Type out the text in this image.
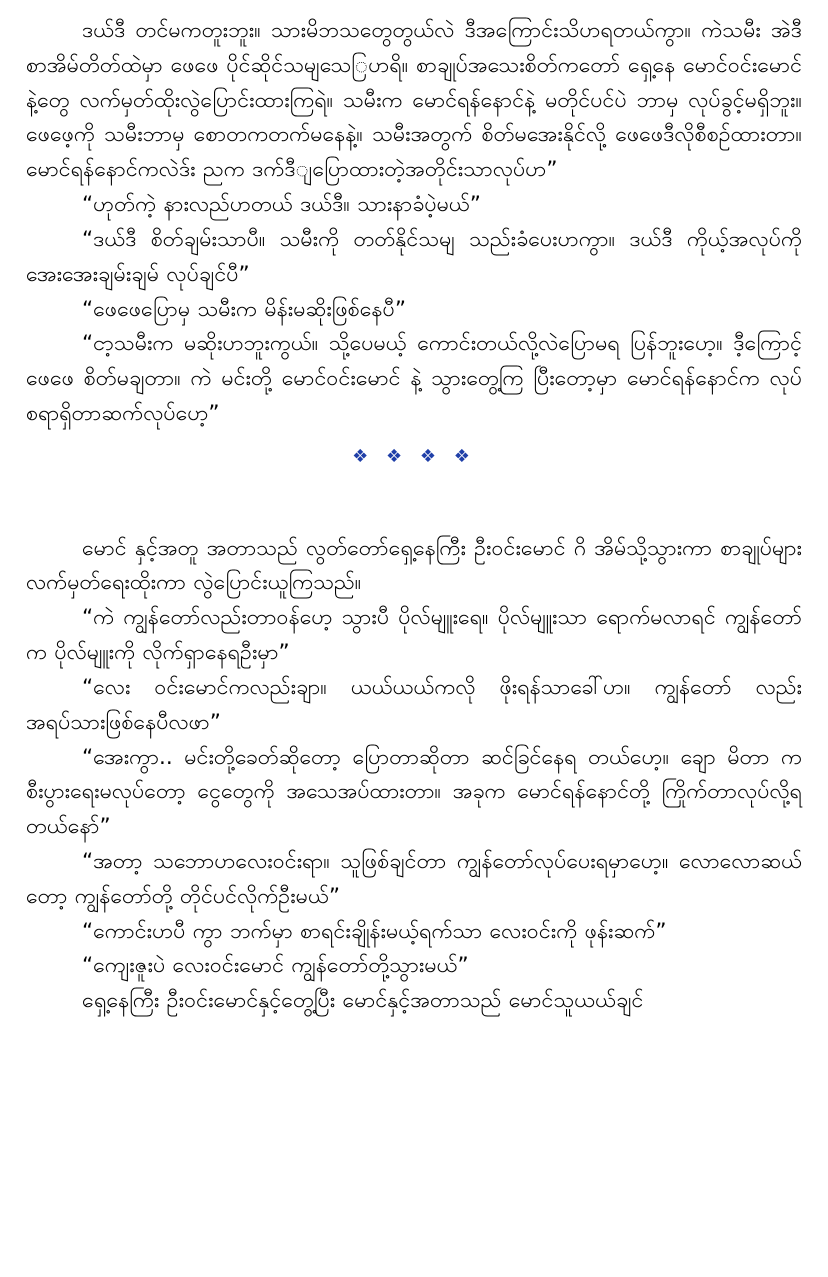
ဒယ်ဒီ တင်မကတူးဘူး။ သားမိဘသတွေတွယ်လဲ ဒီအကြောင်းသိပာရတယ်ကွာ။ ကဲသမီး အဲဒီ စာအိမ်တိတ်ထဲမှာ ဖေဖေ ပိုင်ဆိုင်သမျသေြပာရိ။ စာချုပ်အသေးစိတ်ကတော် ရှေ့နေ မောင်ဝင်းမောင် နဲ့တွေ လက်မှတ်ထိုးလွဲပြောင်းထားကြရဲ။ သမီးက မောင်ရန်နောင်နဲ့ မတိုင်ပင်ပဲ ဘာမှ လုပ်ခွင့်မရှိဘူး။ ဖေဖေ့ကို သမီးဘာမှ စောတကတက်မနေနဲ့။ သမီးအတွက် စိတ်မအေးနိုင်လို့ ဖေဖေဒီလိုစီစဉ်ထားတာ။ မောင်ရန်နောင်ကလဲဒ်း ညက ဒက်ဒီျပြောထားတဲ့အတိုင်းသာလုပ်ပာ”

“ဟုတ်ကဲ့ နားလည်ပာတယ် ဒယ်ဒီ။ သားနာခံပဲ့မယ်”

“ဒယ်ဒီ စိတ်ချမ်းသာပီ။ သမီးကို တတ်နိုင်သမျ သည်းခံပေးပာကွာ။ ဒယ်ဒီ ကိုယ့်အလုပ်ကို အေးအေးချမ်းချမ် လုပ်ချင်ပီ”

“ဖေဖေပြောမှ သမီးက မိန်းမဆိုးဖြစ်နေပီ”

“ငာ့သမီးက မဆိုးပာဘူးကွယ်။ သို့ပေမယ့် ကောင်းတယ်လို့လဲပြောမရ ပြန်ဘူးပော့။ ဒီ့ကြောင့်ဖေဖေ စိတ်မချတာ။ ကဲ မင်းတို့ မောင်ဝင်းမောင် နဲ့ သွားတွေ့ကြ ပြီးတော့မှာ မောင်ရန်နောင်က လုပ်စရာရှိတာဆက်လုပ်ပော့”

❖ ❖ ❖ ❖

မောင် နှင့်အတူ အတာသည် လွတ်တော်ရှေ့နေကြီး ဦးဝင်းမောင် ဂိ အိမ်သို့သွားကာ စာချုပ်များလက်မှတ်ရေးထိုးကာ လွဲပြောင်းယူကြသည်။

“ကဲ ကျွန်တော်လည်းတာဝန်ပော့ သွားပီ ပိုလ်မျူးရေ။ ပိုလ်မျူးသာ ရောက်မလာရင် ကျွန်တော်က ပိုလ်မျူးကို လိုက်ရှာနေရဦးမှာ”

“လေး ဝင်းမောင်ကလည်းချာ။ ယယ်ယယ်ကလို ဖိုးရန်သာခေါ်ပာ။ ကျွန်တော် လည်း အရပ်သားဖြစ်နေပီလဖာ”

“အေးကွာ.. မင်းတို့ခေတ်ဆိုတော့ ပြောတာဆိုတာ ဆင်ခြင်နေရ တယ်ဟေ့။ ချော မိတာ က စီးပွားရေးမလုပ်တော့ ငွေတွေကို အသေအပ်ထားတာ။ အခုက မောင်ရန်နောင်တို့ ကြိုက်တာလုပ်လို့ရတယ်နော်”

“အတာ့ သဘောပာလေးဝင်းရာ။ သူဖြစ်ချင်တာ ကျွန်တော်လုပ်ပေးရမှာပော့။ လောလောဆယ်တော့ ကျွန်တော်တို့ တိုင်ပင်လိုက်ဦးမယ်”

“ကောင်းပာပီ ကွာ ဘက်မှာ စာရင်းချိုန်းမယ့်ရက်သာ လေးဝင်းကို ဖုန်းဆက်”

“ကျေးဇူးပဲ လေးဝင်းမောင် ကျွန်တော်တို့သွားမယ်”

ရှေ့နေကြီး ဦးဝင်းမောင်နှင့်တွေ့ပြီး မောင်နှင့်အတာသည် မောင်သူယယ်ချင်
